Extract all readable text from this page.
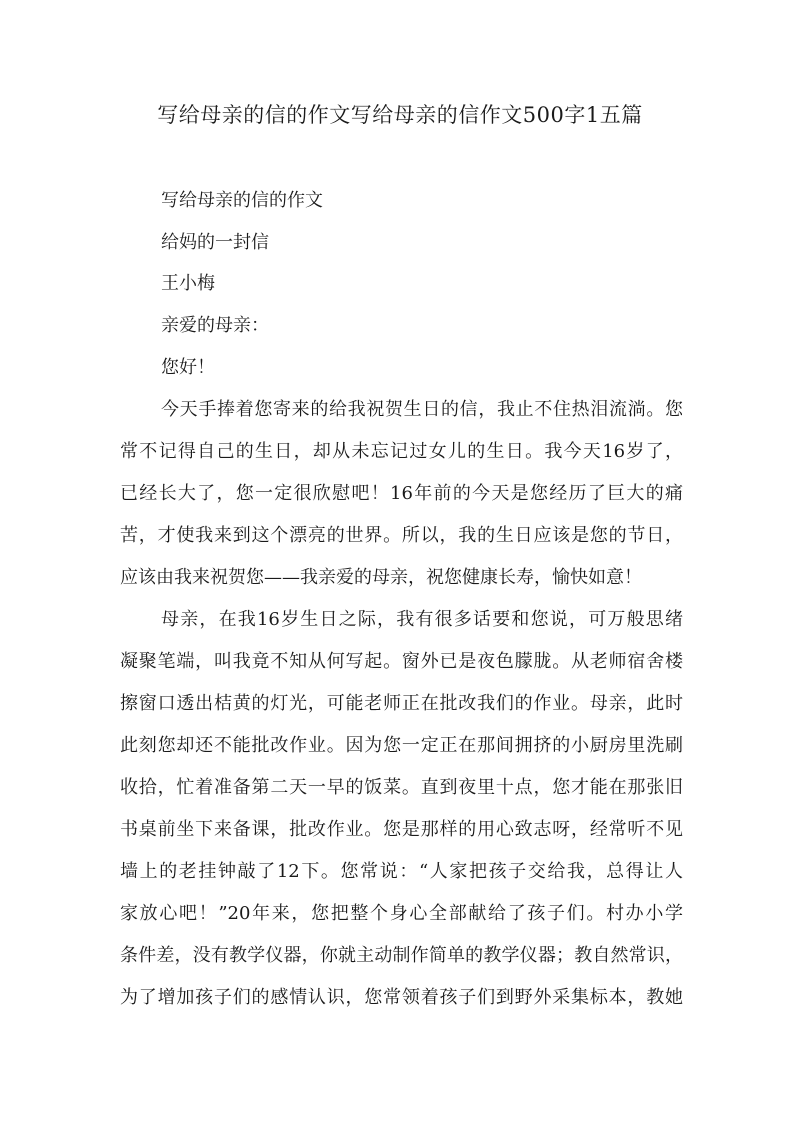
写给母亲的信的作文写给母亲的信作文500字1五篇
写给母亲的信的作文
给妈的一封信
王小梅
亲爱的母亲：
您好！
今天手捧着您寄来的给我祝贺生日的信，我止不住热泪流淌。您
常不记得自己的生日，却从未忘记过女儿的生日。我今天16岁了，
已经长大了，您一定很欣慰吧！16年前的今天是您经历了巨大的痛
苦，才使我来到这个漂亮的世界。所以，我的生日应该是您的节日，
应该由我来祝贺您——我亲爱的母亲，祝您健康长寿，愉快如意！
母亲，在我16岁生日之际，我有很多话要和您说，可万般思绪
凝聚笔端，叫我竟不知从何写起。窗外已是夜色朦胧。从老师宿舍楼
擦窗口透出桔黄的灯光，可能老师正在批改我们的作业。母亲，此时
此刻您却还不能批改作业。因为您一定正在那间拥挤的小厨房里洗刷
收拾，忙着准备第二天一早的饭菜。直到夜里十点，您才能在那张旧
书桌前坐下来备课，批改作业。您是那样的用心致志呀，经常听不见
墙上的老挂钟敲了12下。您常说：“人家把孩子交给我，总得让人
家放心吧！”20年来，您把整个身心全部献给了孩子们。村办小学
条件差，没有教学仪器，你就主动制作简单的教学仪器；教自然常识，
为了增加孩子们的感情认识，您常领着孩子们到野外采集标本，教她
